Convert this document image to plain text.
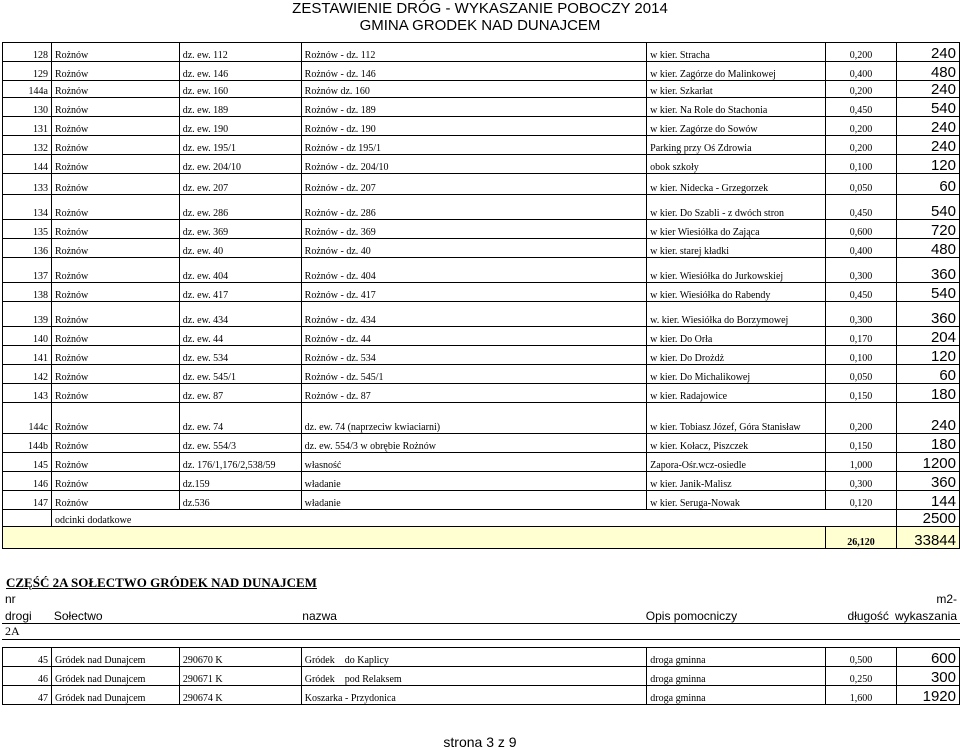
ZESTAWIENIE DRÓG - WYKASZANIE POBOCZY 2014
GMINA GRODEK NAD DUNAJCEM
128	Rożnów	dz. ew. 112	Rożnów - dz. 112	w kier. Stracha	0,200	240
129	Rożnów	dz. ew. 146	Rożnów - dz. 146	w kier. Zagórze do Malinkowej	0,400	480
144a	Rożnów	dz. ew. 160	Rożnów dz. 160	w kier. Szkarłat	0,200	240
130	Rożnów	dz. ew. 189	Rożnów - dz. 189	w kier. Na Role do Stachonia	0,450	540
131	Rożnów	dz. ew. 190	Rożnów - dz. 190	w kier. Zagórze do Sowów	0,200	240
132	Rożnów	dz. ew. 195/1	Rożnów - dz 195/1	Parking przy Oś Zdrowia	0,200	240
144	Rożnów	dz. ew. 204/10	Rożnów - dz. 204/10	obok szkoły	0,100	120
133	Rożnów	dz. ew. 207	Rożnów - dz. 207	w kier. Nidecka - Grzegorzek	0,050	60
134	Rożnów	dz. ew. 286	Rożnów - dz. 286	w kier. Do Szabli - z dwóch stron	0,450	540
135	Rożnów	dz. ew. 369	Rożnów - dz. 369	w kier Wiesiółka do Zająca	0,600	720
136	Rożnów	dz. ew. 40	Rożnów - dz. 40	w kier. starej kładki	0,400	480
137	Rożnów	dz. ew. 404	Rożnów - dz. 404	w kier. Wiesiółka do Jurkowskiej	0,300	360
138	Rożnów	dz. ew. 417	Rożnów - dz. 417	w kier. Wiesiółka do Rabendy	0,450	540
139	Rożnów	dz. ew. 434	Rożnów - dz. 434	w. kier. Wiesiółka do Borzymowej	0,300	360
140	Rożnów	dz. ew. 44	Rożnów - dz. 44	w kier. Do Orła	0,170	204
141	Rożnów	dz. ew. 534	Rożnów - dz. 534	w kier. Do Drożdż	0,100	120
142	Rożnów	dz. ew. 545/1	Rożnów - dz. 545/1	w kier. Do Michalikowej	0,050	60
143	Rożnów	dz. ew. 87	Rożnów - dz. 87	w kier. Radajowice	0,150	180
144c	Rożnów	dz. ew. 74	dz. ew. 74 (naprzeciw kwiaciarni)	w kier. Tobiasz Józef, Góra Stanisław	0,200	240
144b	Rożnów	dz. ew. 554/3	dz. ew. 554/3 w obrębie Rożnów	w kier. Kołacz, Piszczek	0,150	180
145	Rożnów	dz. 176/1,176/2,538/59	własność	Zapora-Ośr.wcz-osiedle	1,000	1200
146	Rożnów	dz.159	władanie	w kier. Janik-Malisz	0,300	360
147	Rożnów	dz.536	władanie	w kier. Seruga-Nowak	0,120	144
	odcinki dodatkowe					2500
					26,120	33844
CZĘŚĆ 2A SOŁECTWO GRÓDEK NAD DUNAJCEM
nr					m2-
drogi	Sołectwo	nazwa	Opis pomocniczy	długość	wykaszania
2A					
45	Gródek nad Dunajcem	290670 K	Gródek    do Kaplicy	droga gminna	0,500	600
46	Gródek nad Dunajcem	290671 K	Gródek    pod Relaksem	droga gminna	0,250	300
47	Gródek nad Dunajcem	290674 K	Koszarka - Przydonica	droga gminna	1,600	1920
strona 3 z 9
